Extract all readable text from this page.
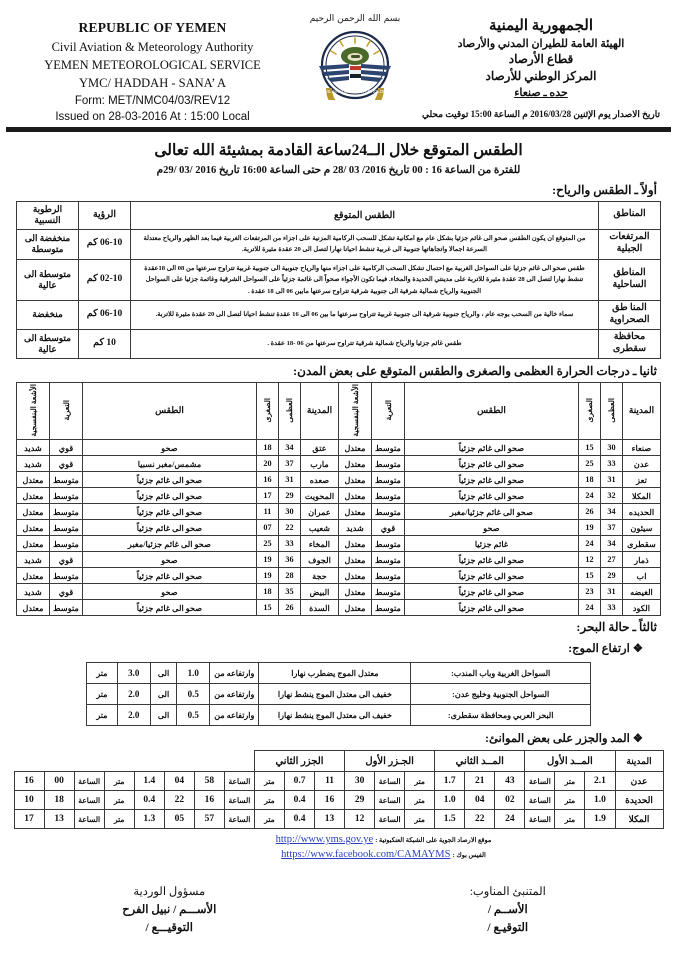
REPUBLIC OF YEMEN
Civil Aviation & Meteorology Authority
YEMEN METEOROLOGICAL SERVICE
YMC/ HADDAH - SANA’ A
Form: MET/NMC04/03/REV12
Issued on 28-03-2016 At : 15:00 Local
بسم الله الرحمن الرحيم
CIVIL AVIATION & METEOROLOGY
الجمهورية اليمنية
الهيئة العامة للطيران المدني والأرصاد
قطاع الأرصاد
المركز الوطني للأرصاد
حده ـ صنعاء
تاريخ الاصدار يوم الإثنين 2016/03/28 م الساعة 15:00 توقيت محلي
الطقس المتوقع خلال الــ24ساعة القادمة بمشيئة الله تعالى
للفترة من الساعة 16 : 00 تاريخ 2016/ 03 /28 م حتى الساعة 16:00 تاريخ 2016 /03 /29م
أولاً ـ الطقس والرياح:
المناطق	الطقس المتوقع	الرؤية	الرطوبة النسبية
المرتفعات الجبلية	من المتوقع ان يكون الطقس صحو الى غائم جزئيا بشكل عام مع امكانية تشكل للسحب الركامية المزنية على اجزاء من المرتفعات الغربية فيما بعد الظهر والرياح معتدلة السرعة اجمالا واتجاهاتها جنوبية الى غربية تنشط احيانا نهارا لتصل الى 20 عقدة مثيرة للاتربة.	06-10 كم	منخفضة الى متوسطة
المناطق الساحلية	طقس صحو الى غائم جزئيا على السواحل الغربية مع احتمال تشكل السحب الركامية على اجزاء منها والرياح جنوبية الى جنوبية غربية تتراوح سرعتها من 08 الى 18عقدة تنشط نهارا لتصل الى 28 عقدة مثيرة للاتربة على مدينتي الحديدة والمخاء. فيما تكون الأجواء صحواً الى غائمة جزئياً على السواحل الشرقية وغائمة جزئيا على السواحل الجنوبية والرياح شمالية شرقية الى جنوبية شرقية تتراوح سرعتها مابين 06 الى 18 عقدة .	02-10 كم	متوسطة الى عالية
المنا طق الصحراوية	سماء خالية من السحب بوجه عام ، والرياح جنوبية شرقية الى جنوبية غربية تتراوح سرعتها ما بين 06 الى 16 عقدة تنشط احيانا لتصل الى 20 عقدة مثيرة للاتربة.	06-10 كم	منخفضة
محافظة سقطرى	طقس غائم جزئيا والرياح شمالية شرقية تتراوح سرعتها من 06 -18 عقدة .	10 كم	متوسطة الى عالية
ثانيا ـ درجات الحرارة العظمى والصغرى والطقس المتوقع على بعض المدن:
المدينة	العظمى	الصغرى	الطقس	التعرية	الأشعة البنفسجية	المدينة	العظمى	الصغرى	الطقس	التعرية	الأشعة البنفسجية
صنعاء	30	15	صحو الى غائم جزئياً	متوسط	معتدل	عتق	34	18	صحو	قوي	شديد
عدن	33	25	صحو الى غائم جزئياً	متوسط	معتدل	مارب	37	20	مشمس/مغبر نسبيا	قوي	شديد
تعز	31	18	صحو الى غائم جزئياً	متوسط	معتدل	صعده	31	16	صحو الى غائم جزئياً	متوسط	معتدل
المكلا	32	24	صحو الى غائم جزئياً	متوسط	معتدل	المحويت	29	17	صحو الى غائم جزئياً	متوسط	معتدل
الحديده	34	26	صحو الى غائم جزئيا/مغبر	متوسط	معتدل	عمران	30	11	صحو الى غائم جزئياً	متوسط	معتدل
سيئون	37	19	صحو	قوي	شديد	شعيب	22	07	صحو الى غائم جزئياً	متوسط	معتدل
سقطرى	34	24	غائم جزئيا	متوسط	معتدل	المخاء	33	25	صحو الى غائم جزئيا/مغبر	متوسط	معتدل
ذمار	27	12	صحو الى غائم جزئياً	متوسط	معتدل	الجوف	36	19	صحو	قوي	شديد
اب	29	15	صحو الى غائم جزئياً	متوسط	معتدل	حجة	28	19	صحو الى غائم جزئياً	متوسط	معتدل
الغيضه	31	23	صحو الى غائم جزئياً	متوسط	معتدل	البيض	35	18	صحو	قوي	شديد
الكود	33	24	صحو الى غائم جزئياً	متوسط	معتدل	السدة	26	15	صحو الى غائم جزئياً	متوسط	معتدل
ثالثاً ـ حالة البحر:
❖ ارتفاع الموج:
السواحل الغربية وباب المندب:	معتدل الموج يضطرب نهارا	وارتفاعه من	1.0	الى	3.0	متر
السواحل الجنوبية وخليج عدن:	خفيف الى معتدل الموج ينشط نهارا	وارتفاعه من	0.5	الى	2.0	متر
البحر العربي ومحافظة سقطرى:	خفيف الى معتدل الموج ينشط نهارا	وارتفاعه من	0.5	الى	2.0	متر
❖ المد والجزر على بعض الموانئ:
المدينة	المــد الأول			المــد الثاني			الجـزر الأول			الجزر الثاني										
عدن	2.1	متر	الساعة	43	21	1.7	متر	الساعة	30	11	0.7	متر	الساعة	58	04	1.4	متر	الساعة	00	16
الحديدة	1.0	متر	الساعة	02	04	1.0	متر	الساعة	29	16	0.4	متر	الساعة	16	22	0.4	متر	الساعة	18	10
المكلا	1.9	متر	الساعة	24	22	1.5	متر	الساعة	12	13	0.4	متر	الساعة	57	05	1.3	متر	الساعة	13	17
موقع الارصاد الجوية على الشبكة العنكبوتية : http://www.yms.gov.ye
الفيس بوك : https://www.facebook.com/CAMAYMS
المتنبئ المناوب:
الأســم /
التوقيـع /
مسؤول الوردية
الأســـم / نبيل الفرح
التوقيـــع /
